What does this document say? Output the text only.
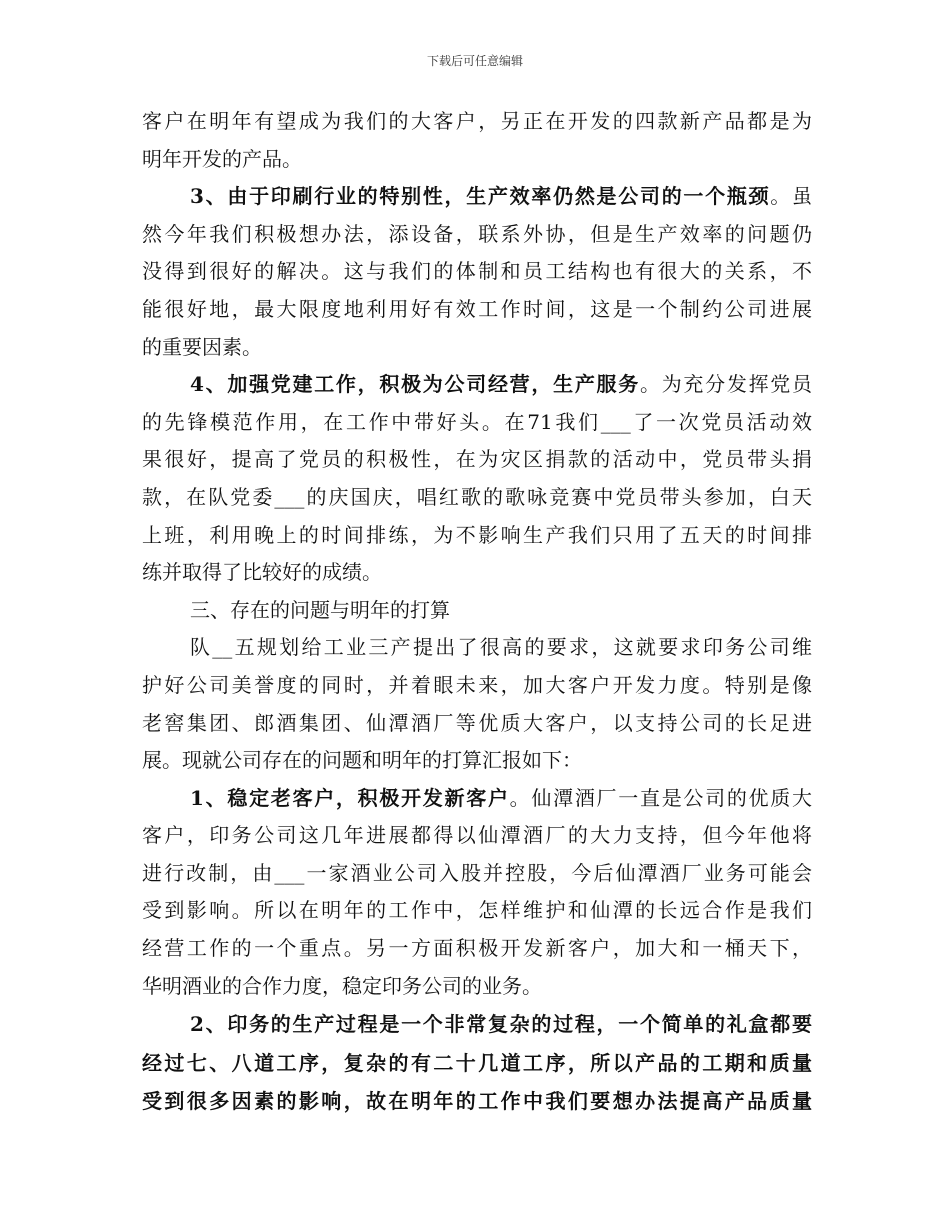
下载后可任意编辑
客户在明年有望成为我们的大客户，另正在开发的四款新产品都是为
明年开发的产品。
3、由于印刷行业的特别性，生产效率仍然是公司的一个瓶颈。虽
然今年我们积极想办法，添设备，联系外协，但是生产效率的问题仍
没得到很好的解决。这与我们的体制和员工结构也有很大的关系，不
能很好地，最大限度地利用好有效工作时间，这是一个制约公司进展
的重要因素。
4、加强党建工作，积极为公司经营，生产服务。为充分发挥党员
的先锋模范作用，在工作中带好头。在71我们___了一次党员活动效
果很好，提高了党员的积极性，在为灾区捐款的活动中，党员带头捐
款，在队党委___的庆国庆，唱红歌的歌咏竞赛中党员带头参加，白天
上班，利用晚上的时间排练，为不影响生产我们只用了五天的时间排
练并取得了比较好的成绩。
三、存在的问题与明年的打算
队__五规划给工业三产提出了很高的要求，这就要求印务公司维
护好公司美誉度的同时，并着眼未来，加大客户开发力度。特别是像
老窖集团、郎酒集团、仙潭酒厂等优质大客户，以支持公司的长足进
展。现就公司存在的问题和明年的打算汇报如下：
1、稳定老客户，积极开发新客户。仙潭酒厂一直是公司的优质大
客户，印务公司这几年进展都得以仙潭酒厂的大力支持，但今年他将
进行改制，由___一家酒业公司入股并控股，今后仙潭酒厂业务可能会
受到影响。所以在明年的工作中，怎样维护和仙潭的长远合作是我们
经营工作的一个重点。另一方面积极开发新客户，加大和一桶天下，
华明酒业的合作力度，稳定印务公司的业务。
2、印务的生产过程是一个非常复杂的过程，一个简单的礼盒都要
经过七、八道工序，复杂的有二十几道工序，所以产品的工期和质量
受到很多因素的影响，故在明年的工作中我们要想办法提高产品质量
